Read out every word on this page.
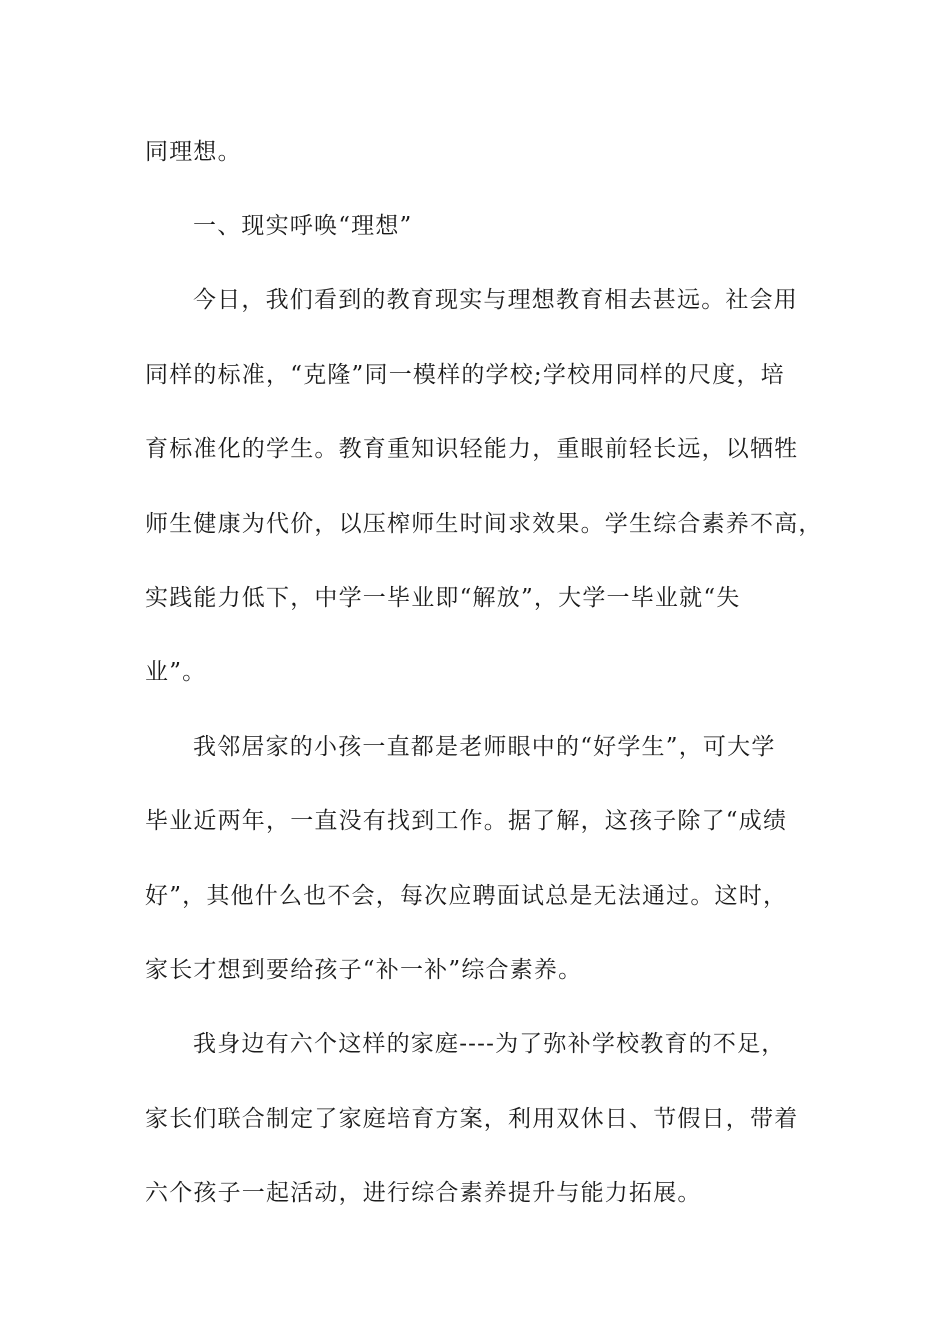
同理想。
一、现实呼唤“理想”
今日，我们看到的教育现实与理想教育相去甚远。社会用
同样的标准，“克隆”同一模样的学校;学校用同样的尺度，培
育标准化的学生。教育重知识轻能力，重眼前轻长远，以牺牲
师生健康为代价，以压榨师生时间求效果。学生综合素养不高，
实践能力低下，中学一毕业即“解放”，大学一毕业就“失
业”。
我邻居家的小孩一直都是老师眼中的“好学生”，可大学
毕业近两年，一直没有找到工作。据了解，这孩子除了“成绩
好”，其他什么也不会，每次应聘面试总是无法通过。这时，
家长才想到要给孩子“补一补”综合素养。
我身边有六个这样的家庭----为了弥补学校教育的不足，
家长们联合制定了家庭培育方案，利用双休日、节假日，带着
六个孩子一起活动，进行综合素养提升与能力拓展。
